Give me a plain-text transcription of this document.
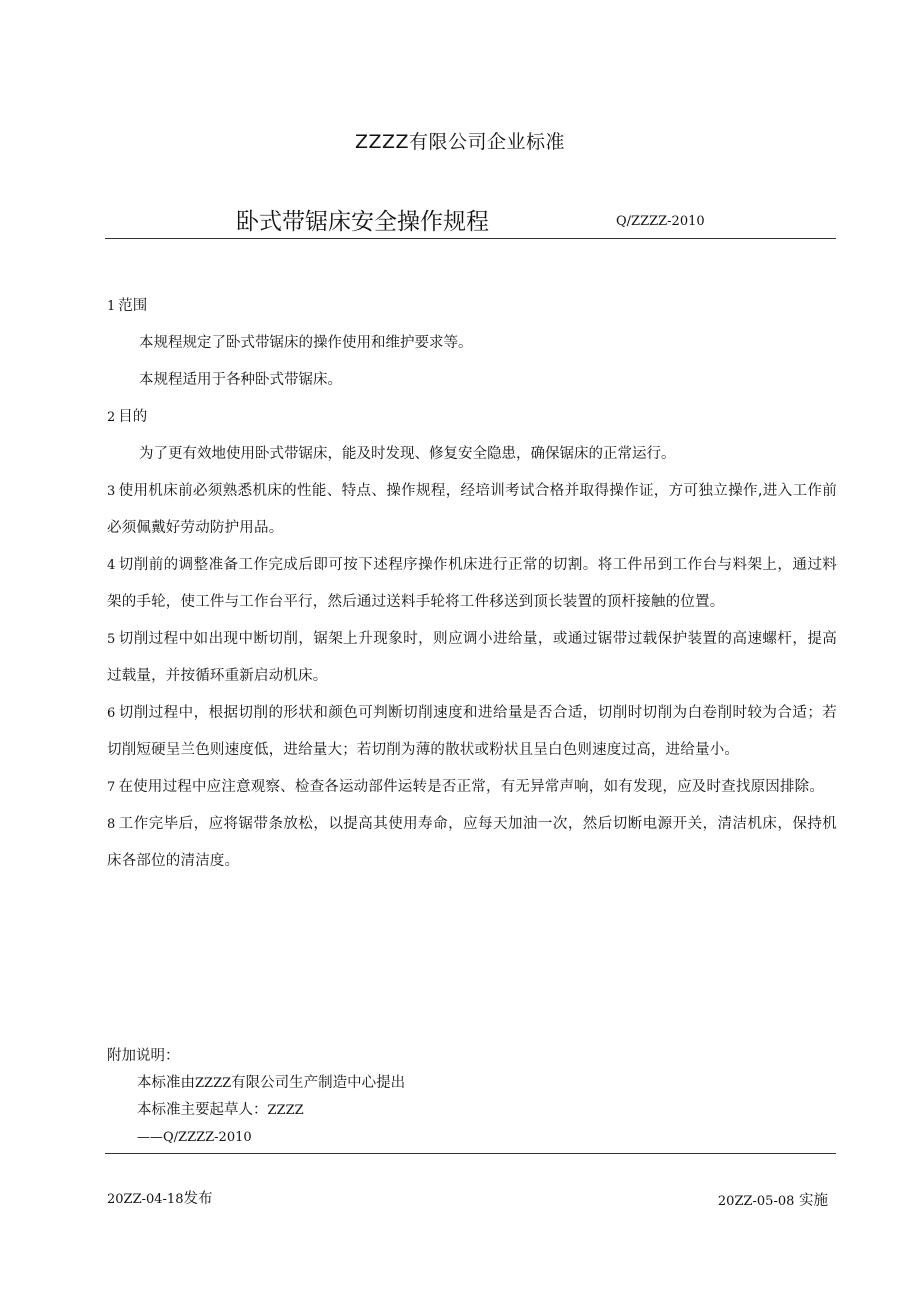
ZZZZ有限公司企业标准
卧式带锯床安全操作规程	Q/ZZZZ-2010

1 范围

本规程规定了卧式带锯床的操作使用和维护要求等。

本规程适用于各种卧式带锯床。

2 目的

为了更有效地使用卧式带锯床，能及时发现、修复安全隐患，确保锯床的正常运行。

3 使用机床前必须熟悉机床的性能、特点、操作规程，经培训考试合格并取得操作证，方可独立操作,进入工作前必须佩戴好劳动防护用品。

4 切削前的调整准备工作完成后即可按下述程序操作机床进行正常的切割。将工件吊到工作台与料架上，通过料架的手轮，使工件与工作台平行，然后通过送料手轮将工件移送到顶长装置的顶杆接触的位置。

5 切削过程中如出现中断切削，锯架上升现象时，则应调小进给量，或通过锯带过载保护装置的高速螺杆，提高过载量，并按循环重新启动机床。

6 切削过程中，根据切削的形状和颜色可判断切削速度和进给量是否合适，切削时切削为白卷削时较为合适；若切削短硬呈兰色则速度低，进给量大；若切削为薄的散状或粉状且呈白色则速度过高，进给量小。

7 在使用过程中应注意观察、检查各运动部件运转是否正常，有无异常声响，如有发现，应及时查找原因排除。

8 工作完毕后，应将锯带条放松，以提高其使用寿命，应每天加油一次，然后切断电源开关，清洁机床，保持机床各部位的清洁度。

附加说明：

本标准由ZZZZ有限公司生产制造中心提出

本标准主要起草人：ZZZZ

——Q/ZZZZ-2010

20ZZ-04-18发布	20ZZ-05-08 实施
